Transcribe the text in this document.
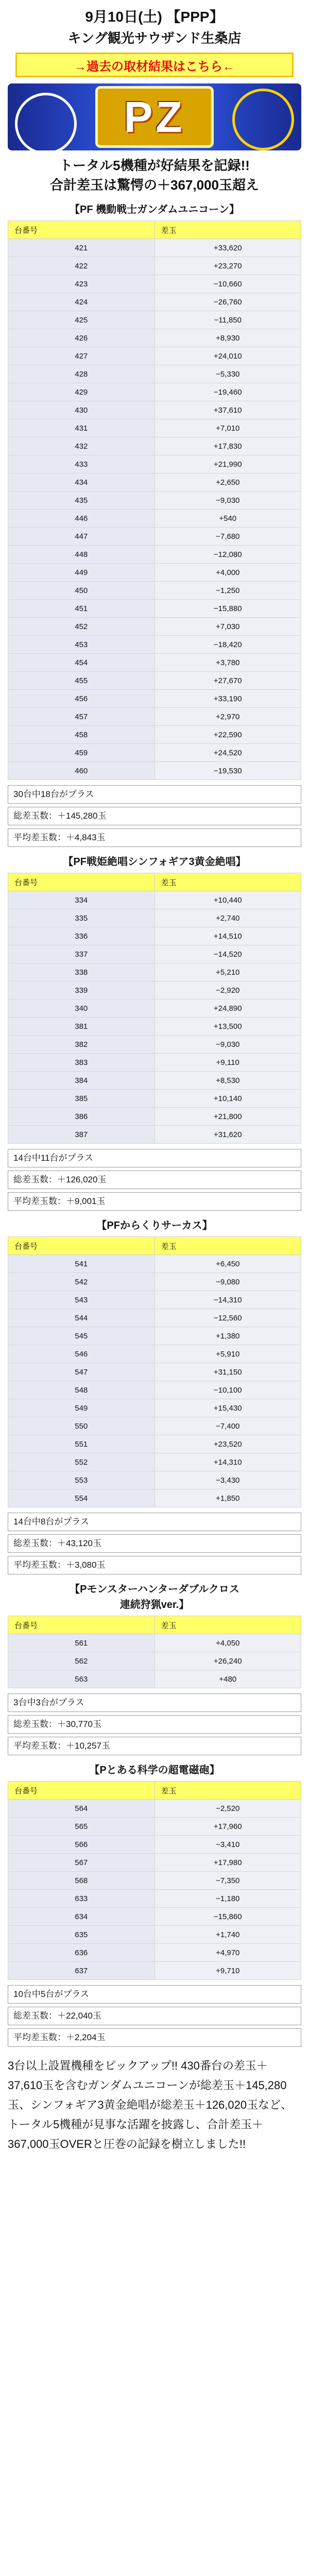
9月10日(土) 【PPP】
キング観光サウザンド生桑店
→過去の取材結果はこちら←
PZ
トータル5機種が好結果を記録!!
合計差玉は驚愕の＋367,000玉超え
【PF 機動戦士ガンダムユニコーン】
台番号	差玉
421	+33,620
422	+23,270
423	−10,660
424	−26,760
425	−11,850
426	+8,930
427	+24,010
428	−5,330
429	−19,460
430	+37,610
431	+7,010
432	+17,830
433	+21,990
434	+2,650
435	−9,030
446	+540
447	−7,680
448	−12,080
449	+4,000
450	−1,250
451	−15,880
452	+7,030
453	−18,420
454	+3,780
455	+27,670
456	+33,190
457	+2,970
458	+22,590
459	+24,520
460	−19,530
30台中18台がプラス
総差玉数：＋145,280玉
平均差玉数：＋4,843玉
【PF戦姫絶唱シンフォギア3黄金絶唱】
台番号	差玉
334	+10,440
335	+2,740
336	+14,510
337	−14,520
338	+5,210
339	−2,920
340	+24,890
381	+13,500
382	−9,030
383	+9,110
384	+8,530
385	+10,140
386	+21,800
387	+31,620
14台中11台がプラス
総差玉数：＋126,020玉
平均差玉数：＋9,001玉
【PFからくりサーカス】
台番号	差玉
541	+6,450
542	−9,080
543	−14,310
544	−12,560
545	+1,380
546	+5,910
547	+31,150
548	−10,100
549	+15,430
550	−7,400
551	+23,520
552	+14,310
553	−3,430
554	+1,850
14台中8台がプラス
総差玉数：＋43,120玉
平均差玉数：＋3,080玉
【Pモンスターハンターダブルクロス
連続狩猟ver.】
台番号	差玉
561	+4,050
562	+26,240
563	+480
3台中3台がプラス
総差玉数：＋30,770玉
平均差玉数：＋10,257玉
【Pとある科学の超電磁砲】
台番号	差玉
564	−2,520
565	+17,960
566	−3,410
567	+17,980
568	−7,350
633	−1,180
634	−15,860
635	+1,740
636	+4,970
637	+9,710
10台中5台がプラス
総差玉数：＋22,040玉
平均差玉数：＋2,204玉
3台以上設置機種をピックアップ!! 430番台の差玉＋37,610玉を含むガンダムユニコーンが総差玉＋145,280玉、シンフォギア3黄金絶唱が総差玉＋126,020玉など、トータル5機種が見事な活躍を披露し、合計差玉＋367,000玉OVERと圧巻の記録を樹立しました!!
